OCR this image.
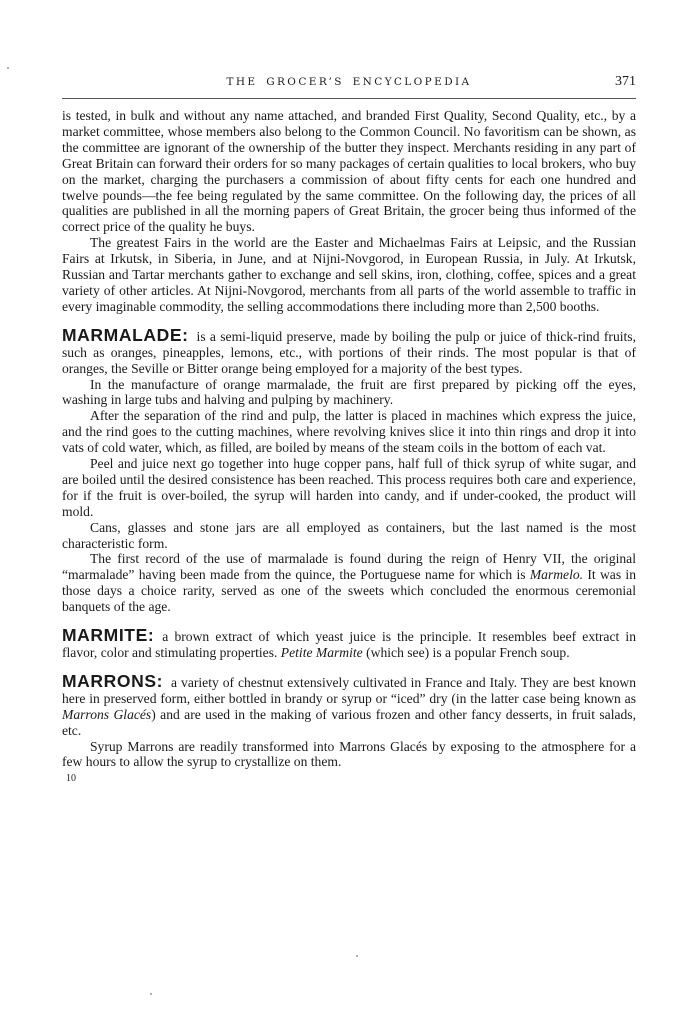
THE GROCER’S ENCYCLOPEDIA	371

is tested, in bulk and without any name attached, and branded First Quality, Second Quality, etc., by a market committee, whose members also belong to the Common Council. No favoritism can be shown, as the committee are ignorant of the ownership of the butter they inspect. Merchants residing in any part of Great Britain can forward their orders for so many packages of certain qualities to local brokers, who buy on the market, charging the purchasers a commission of about fifty cents for each one hundred and twelve pounds—the fee being regulated by the same committee. On the following day, the prices of all qualities are published in all the morning papers of Great Britain, the grocer being thus informed of the correct price of the quality he buys.

The greatest Fairs in the world are the Easter and Michaelmas Fairs at Leipsic, and the Russian Fairs at Irkutsk, in Siberia, in June, and at Nijni-Novgorod, in European Russia, in July. At Irkutsk, Russian and Tartar merchants gather to exchange and sell skins, iron, clothing, coffee, spices and a great variety of other articles. At Nijni-Novgorod, merchants from all parts of the world assemble to traffic in every imaginable commodity, the selling accommodations there including more than 2,500 booths.

MARMALADE: is a semi-liquid preserve, made by boiling the pulp or juice of thick-rind fruits, such as oranges, pineapples, lemons, etc., with portions of their rinds. The most popular is that of oranges, the Seville or Bitter orange being employed for a majority of the best types.

In the manufacture of orange marmalade, the fruit are first prepared by picking off the eyes, washing in large tubs and halving and pulping by machinery.

After the separation of the rind and pulp, the latter is placed in machines which express the juice, and the rind goes to the cutting machines, where revolving knives slice it into thin rings and drop it into vats of cold water, which, as filled, are boiled by means of the steam coils in the bottom of each vat.

Peel and juice next go together into huge copper pans, half full of thick syrup of white sugar, and are boiled until the desired consistence has been reached. This process requires both care and experience, for if the fruit is over-boiled, the syrup will harden into candy, and if under-cooked, the product will mold.

Cans, glasses and stone jars are all employed as containers, but the last named is the most characteristic form.

The first record of the use of marmalade is found during the reign of Henry VII, the original “marmalade” having been made from the quince, the Portuguese name for which is Marmelo. It was in those days a choice rarity, served as one of the sweets which concluded the enormous ceremonial banquets of the age.

MARMITE: a brown extract of which yeast juice is the principle. It resembles beef extract in flavor, color and stimulating properties. Petite Marmite (which see) is a popular French soup.

MARRONS: a variety of chestnut extensively cultivated in France and Italy. They are best known here in preserved form, either bottled in brandy or syrup or “iced” dry (in the latter case being known as Marrons Glacés) and are used in the making of various frozen and other fancy desserts, in fruit salads, etc.

Syrup Marrons are readily transformed into Marrons Glacés by exposing to the atmosphere for a few hours to allow the syrup to crystallize on them.

10
